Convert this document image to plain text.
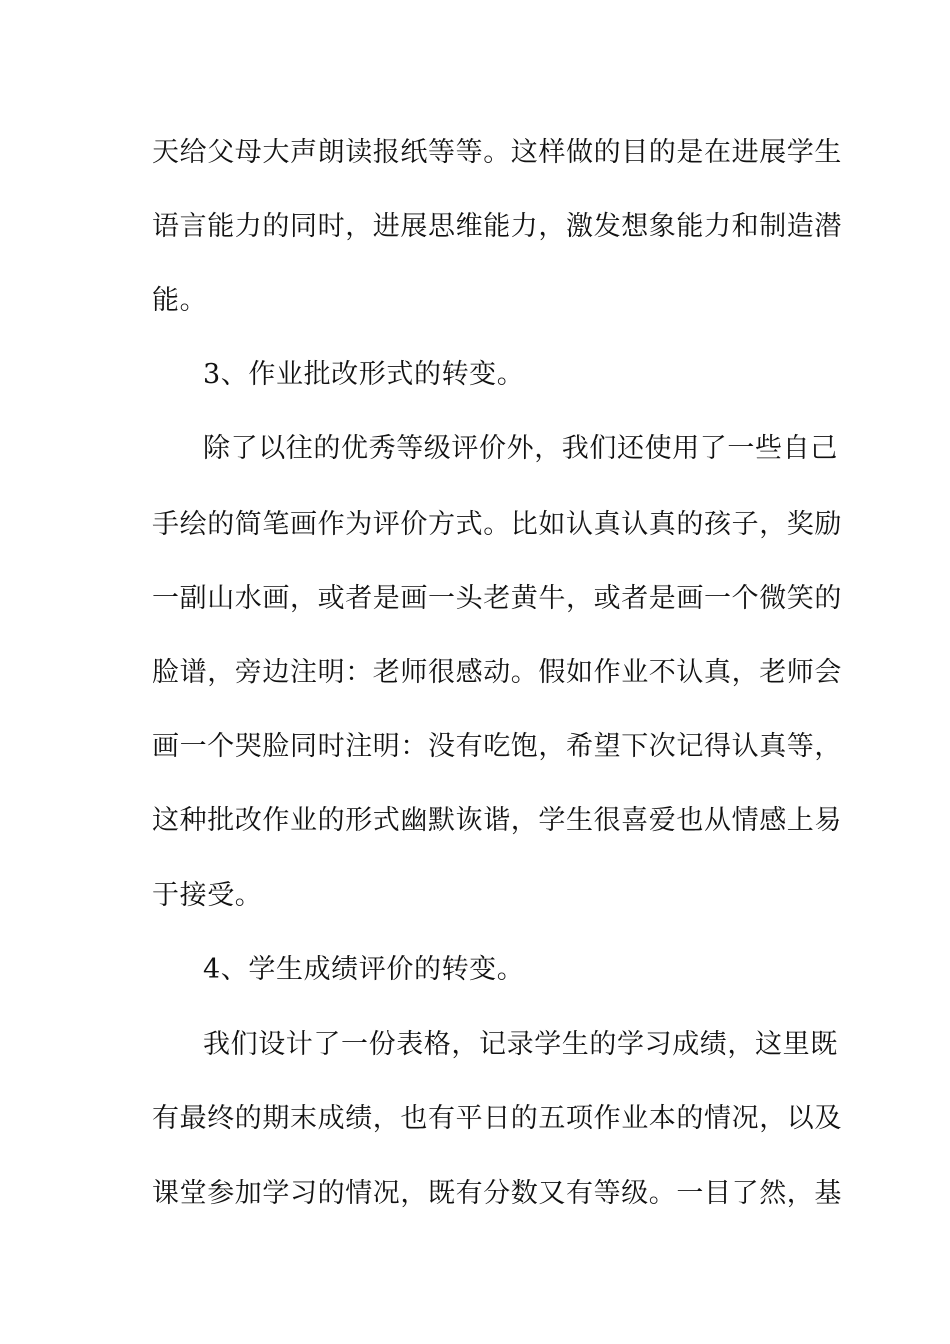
天给父母大声朗读报纸等等。这样做的目的是在进展学生
语言能力的同时，进展思维能力，激发想象能力和制造潜
能。
3、作业批改形式的转变。
除了以往的优秀等级评价外，我们还使用了一些自己
手绘的简笔画作为评价方式。比如认真认真的孩子，奖励
一副山水画，或者是画一头老黄牛，或者是画一个微笑的
脸谱，旁边注明：老师很感动。假如作业不认真，老师会
画一个哭脸同时注明：没有吃饱，希望下次记得认真等，
这种批改作业的形式幽默诙谐，学生很喜爱也从情感上易
于接受。
4、学生成绩评价的转变。
我们设计了一份表格，记录学生的学习成绩，这里既
有最终的期末成绩，也有平日的五项作业本的情况，以及
课堂参加学习的情况，既有分数又有等级。一目了然，基
